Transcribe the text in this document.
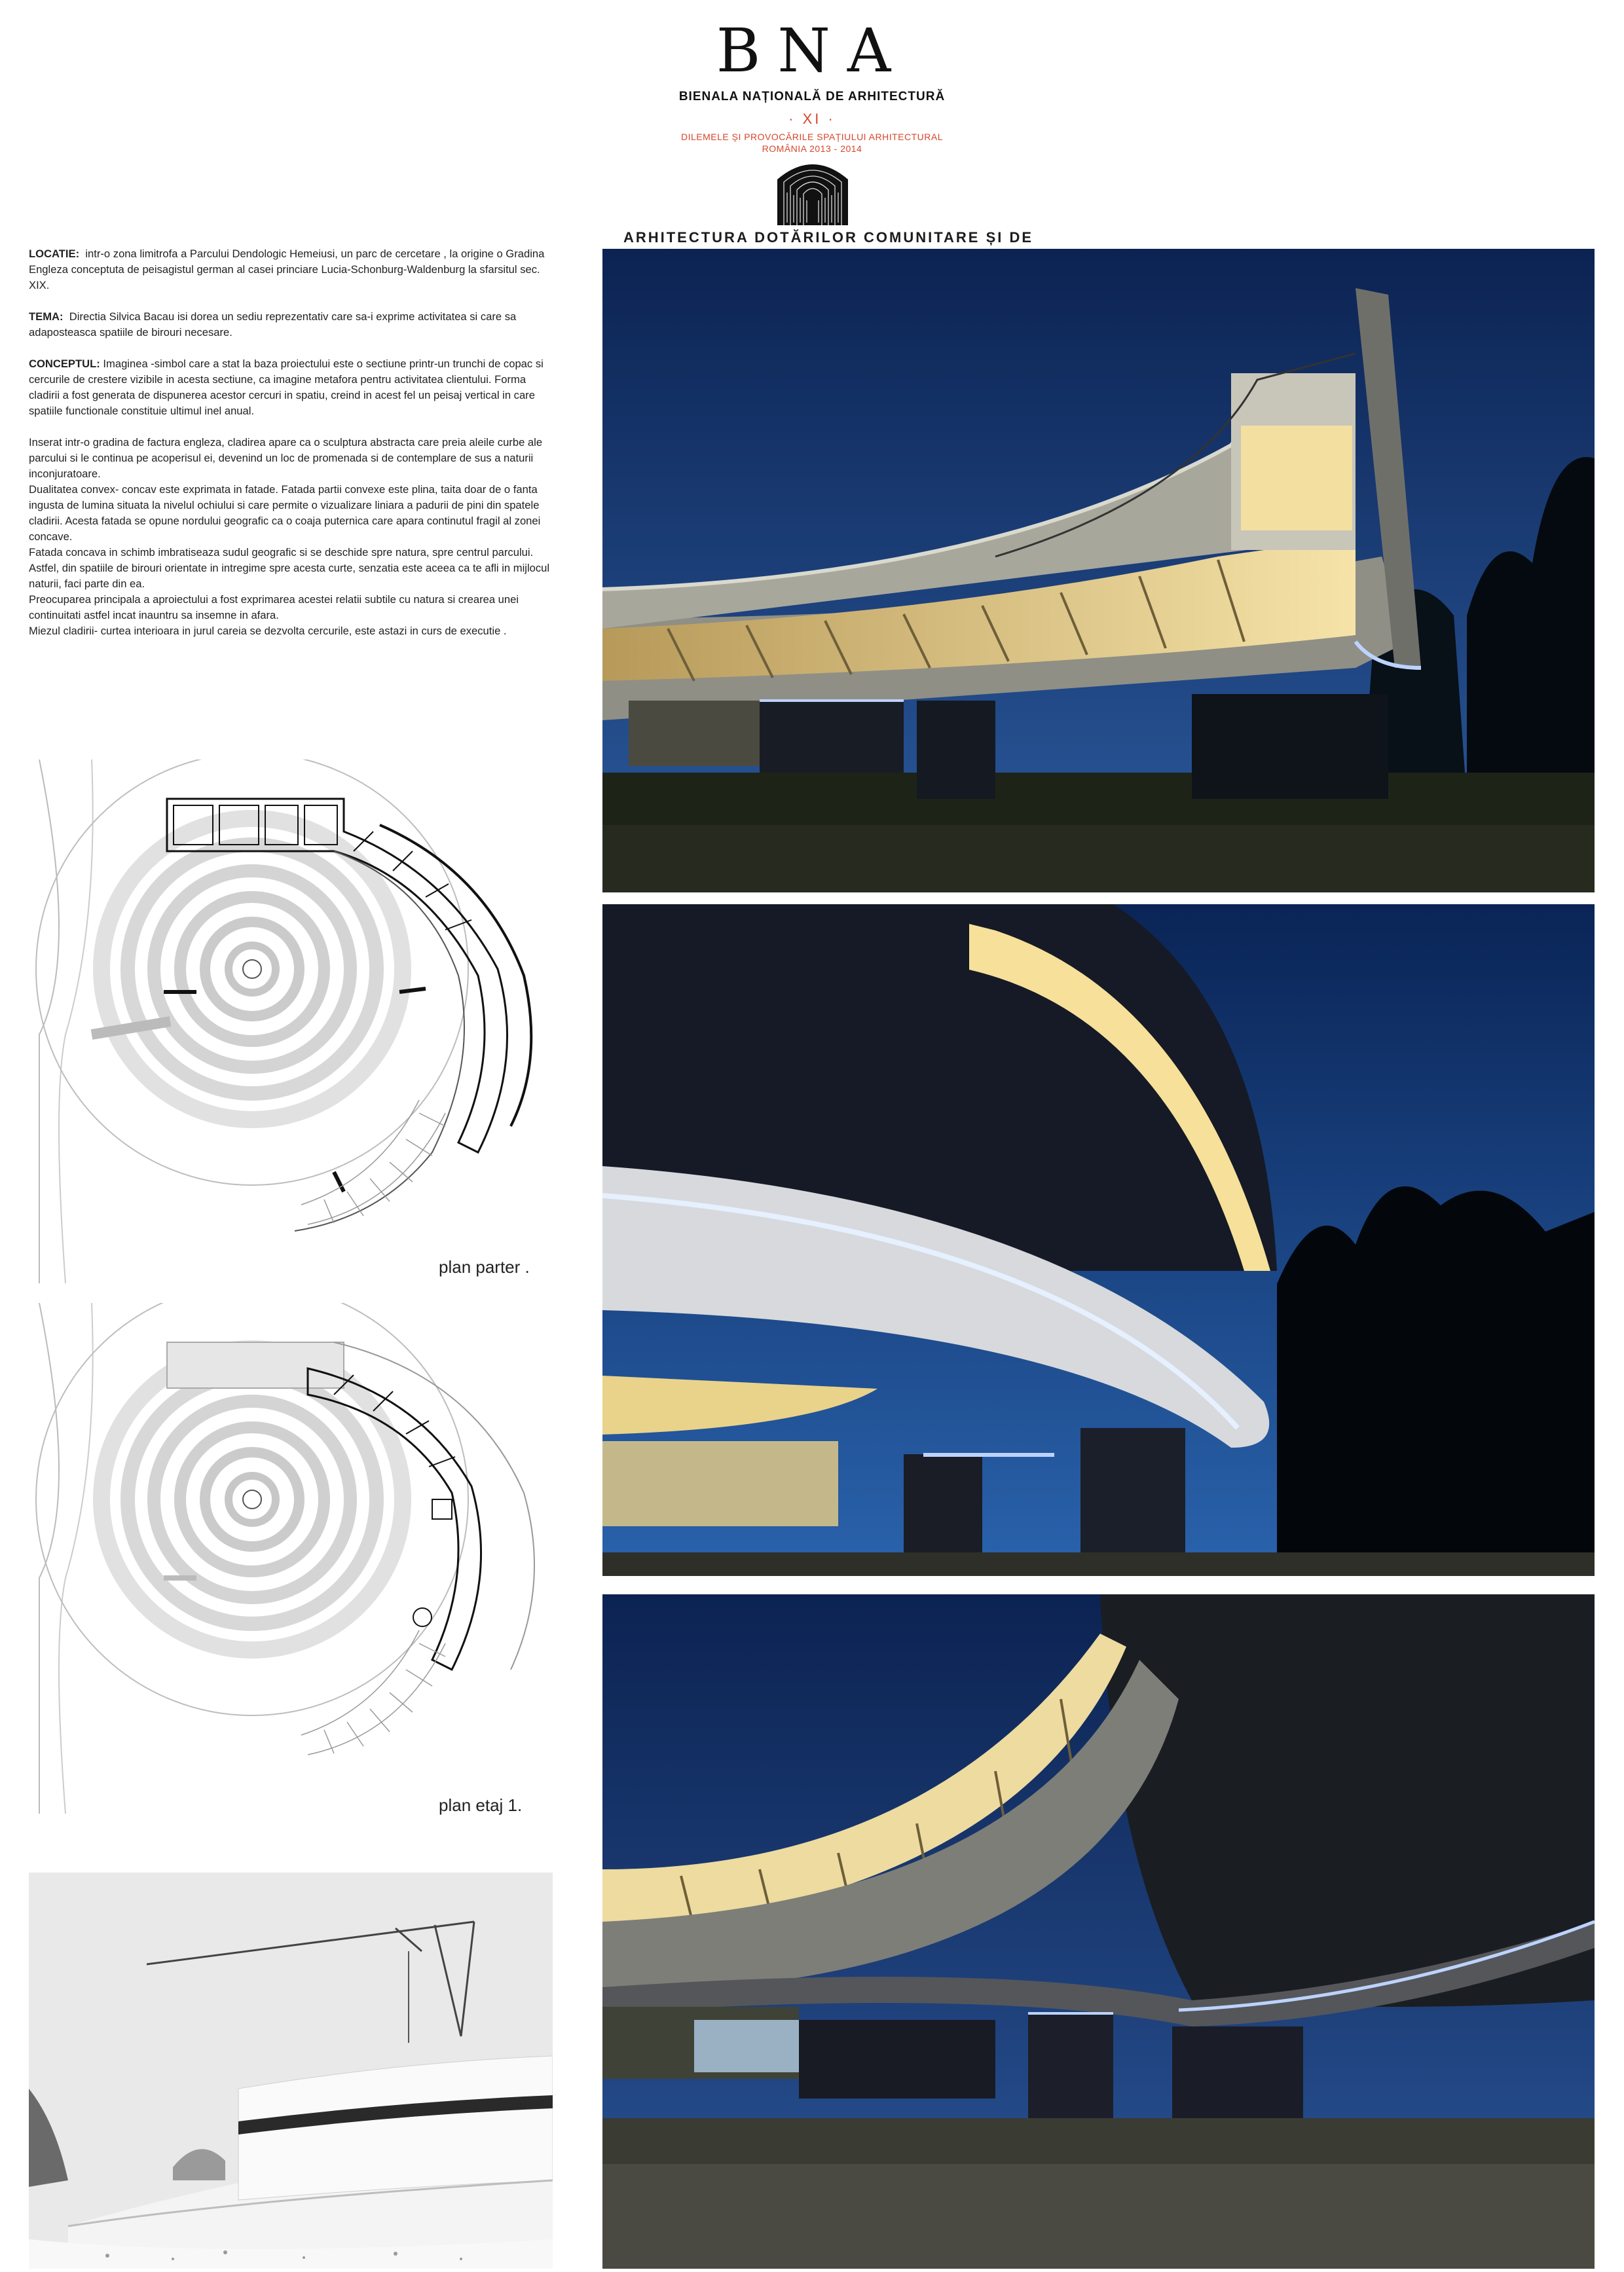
BNA
BIENALA NAȚIONALĂ DE ARHITECTURĂ
· XI ·
DILEMELE ȘI PROVOCĂRILE SPAȚIULUI ARHITECTURAL
ROMÂNIA 2013 - 2014
ARHITECTURA DOTĂRILOR COMUNITARE ȘI DE

LOCATIE: intr-o zona limitrofa a Parcului Dendologic Hemeiusi, un parc de cercetare , la origine o Gradina Engleza conceptuta de peisagistul german al casei princiare Lucia-Schonburg-Waldenburg la sfarsitul sec. XIX.

TEMA: Directia Silvica Bacau isi dorea un sediu reprezentativ care sa-i exprime activitatea si care sa adaposteasca spatiile de birouri necesare.

CONCEPTUL: Imaginea -simbol care a stat la baza proiectului este o sectiune printr-un trunchi de copac si cercurile de crestere vizibile in acesta sectiune, ca imagine metafora pentru activitatea clientului. Forma cladirii a fost generata de dispunerea acestor cercuri in spatiu, creind in acest fel un peisaj vertical in care spatiile functionale constituie ultimul inel anual.

Inserat intr-o gradina de factura engleza, cladirea apare ca o sculptura abstracta care preia aleile curbe ale parcului si le continua pe acoperisul ei, devenind un loc de promenada si de contemplare de sus a naturii inconjuratoare.

Dualitatea convex- concav este exprimata in fatade. Fatada partii convexe este plina, taita doar de o fanta ingusta de lumina situata la nivelul ochiului si care permite o vizualizare liniara a padurii de pini din spatele cladirii. Acesta fatada se opune nordului geografic ca o coaja puternica care apara continutul fragil al zonei concave.

Fatada concava in schimb imbratiseaza sudul geografic si se deschide spre natura, spre centrul parcului. Astfel, din spatiile de birouri orientate in intregime spre acesta curte, senzatia este aceea ca te afli in mijlocul naturii, faci parte din ea.

Preocuparea principala a aproiectului a fost exprimarea acestei relatii subtile cu natura si crearea unei continuitati astfel incat inauntru sa insemne in afara.

Miezul cladirii- curtea interioara in jurul careia se dezvolta cercurile, este astazi in curs de executie .

plan parter .
plan etaj 1.
